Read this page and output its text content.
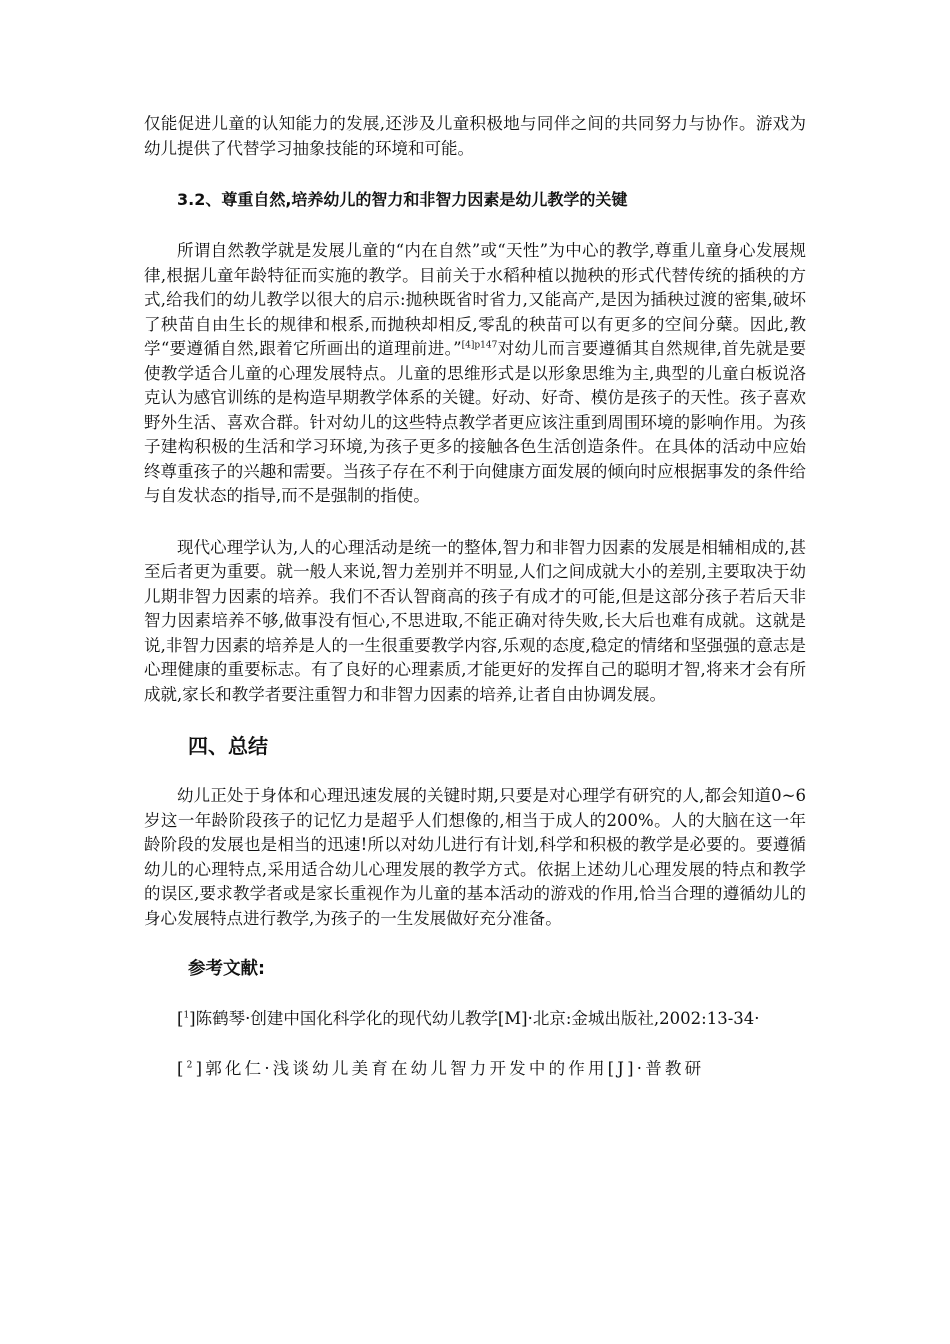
仅能促进儿童的认知能力的发展,还涉及儿童积极地与同伴之间的共同努力与协作。游戏为幼儿提供了代替学习抽象技能的环境和可能。

3.2、尊重自然,培养幼儿的智力和非智力因素是幼儿教学的关键

所谓自然教学就是发展儿童的“内在自然”或“天性”为中心的教学,尊重儿童身心发展规律,根据儿童年龄特征而实施的教学。目前关于水稻种植以抛秧的形式代替传统的插秧的方式,给我们的幼儿教学以很大的启示:抛秧既省时省力,又能高产,是因为插秧过渡的密集,破坏了秧苗自由生长的规律和根系,而抛秧却相反,零乱的秧苗可以有更多的空间分蘖。因此,教学“要遵循自然,跟着它所画出的道理前进。”$^{[4]p147}$对幼儿而言要遵循其自然规律,首先就是要使教学适合儿童的心理发展特点。儿童的思维形式是以形象思维为主,典型的儿童白板说洛克认为感官训练的是构造早期教学体系的关键。好动、好奇、模仿是孩子的天性。孩子喜欢野外生活、喜欢合群。针对幼儿的这些特点教学者更应该注重到周围环境的影响作用。为孩子建构积极的生活和学习环境,为孩子更多的接触各色生活创造条件。在具体的活动中应始终尊重孩子的兴趣和需要。当孩子存在不利于向健康方面发展的倾向时应根据事发的条件给与自发状态的指导,而不是强制的指使。

现代心理学认为,人的心理活动是统一的整体,智力和非智力因素的发展是相辅相成的,甚至后者更为重要。就一般人来说,智力差别并不明显,人们之间成就大小的差别,主要取决于幼儿期非智力因素的培养。我们不否认智商高的孩子有成才的可能,但是这部分孩子若后天非智力因素培养不够,做事没有恒心,不思进取,不能正确对待失败,长大后也难有成就。这就是说,非智力因素的培养是人的一生很重要教学内容,乐观的态度,稳定的情绪和坚强强的意志是心理健康的重要标志。有了良好的心理素质,才能更好的发挥自己的聪明才智,将来才会有所成就,家长和教学者要注重智力和非智力因素的培养,让者自由协调发展。

四、总结

幼儿正处于身体和心理迅速发展的关键时期,只要是对心理学有研究的人,都会知道0~6岁这一年龄阶段孩子的记忆力是超乎人们想像的,相当于成人的200%。人的大脑在这一年龄阶段的发展也是相当的迅速!所以对幼儿进行有计划,科学和积极的教学是必要的。要遵循幼儿的心理特点,采用适合幼儿心理发展的教学方式。依据上述幼儿心理发展的特点和教学的误区,要求教学者或是家长重视作为儿童的基本活动的游戏的作用,恰当合理的遵循幼儿的身心发展特点进行教学,为孩子的一生发展做好充分准备。

参考文献:

[$^1$]陈鹤琴·创建中国化科学化的现代幼儿教学[M]·北京:金城出版社,2002:13-34·

[$^2$]郭化仁·浅谈幼儿美育在幼儿智力开发中的作用[J]·普教研
